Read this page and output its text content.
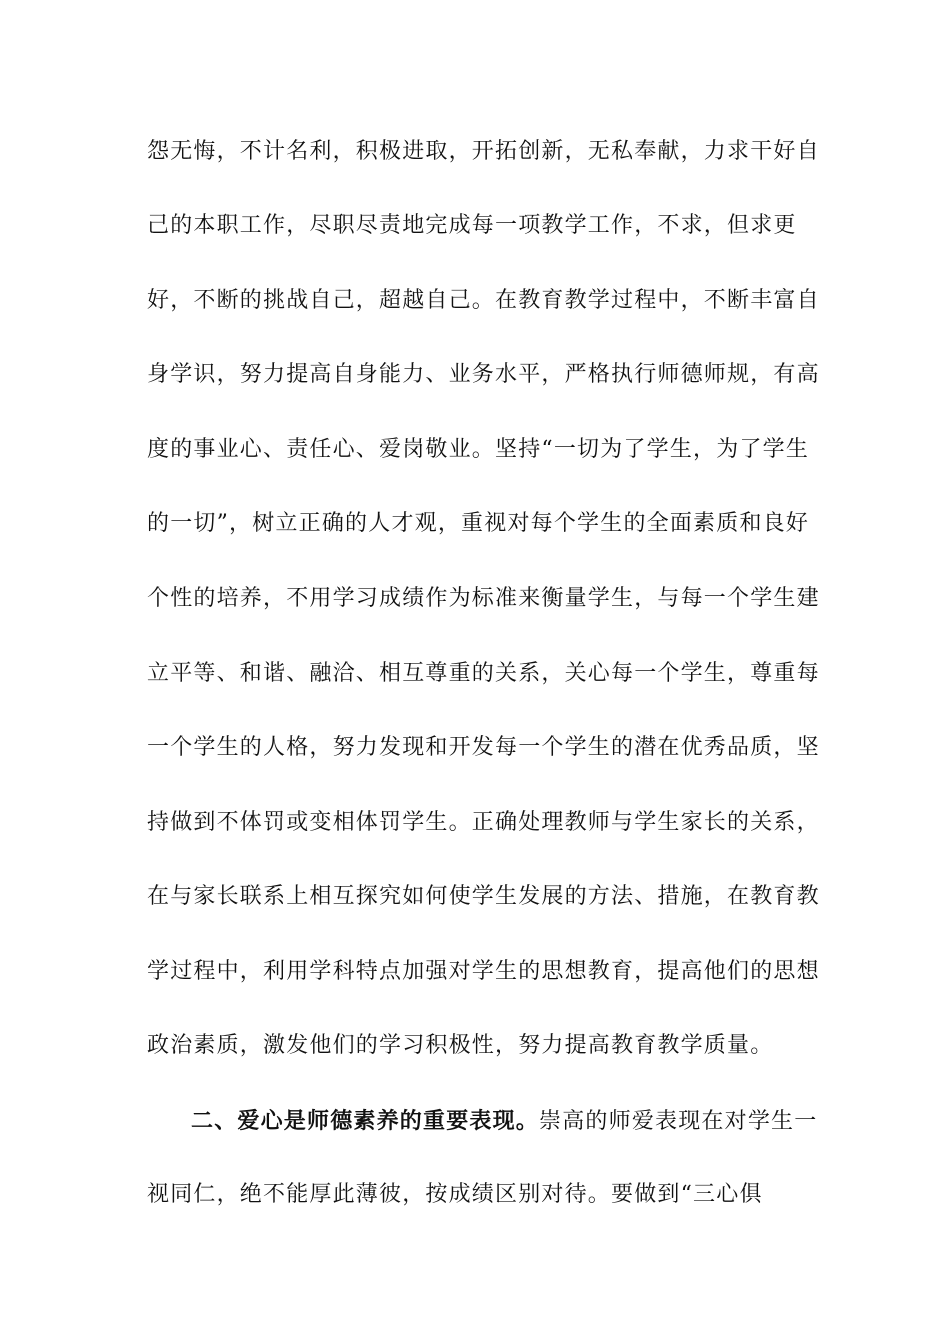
怨无悔，不计名利，积极进取，开拓创新，无私奉献，力求干好自
己的本职工作，尽职尽责地完成每一项教学工作，不求，但求更
好，不断的挑战自己，超越自己。在教育教学过程中，不断丰富自
身学识，努力提高自身能力、业务水平，严格执行师德师规，有高
度的事业心、责任心、爱岗敬业。坚持“一切为了学生，为了学生
的一切”，树立正确的人才观，重视对每个学生的全面素质和良好
个性的培养，不用学习成绩作为标准来衡量学生，与每一个学生建
立平等、和谐、融洽、相互尊重的关系，关心每一个学生，尊重每
一个学生的人格，努力发现和开发每一个学生的潜在优秀品质，坚
持做到不体罚或变相体罚学生。正确处理教师与学生家长的关系，
在与家长联系上相互探究如何使学生发展的方法、措施，在教育教
学过程中，利用学科特点加强对学生的思想教育，提高他们的思想
政治素质，激发他们的学习积极性，努力提高教育教学质量。
二、爱心是师德素养的重要表现。崇高的师爱表现在对学生一
视同仁，绝不能厚此薄彼，按成绩区别对待。要做到“三心俱
